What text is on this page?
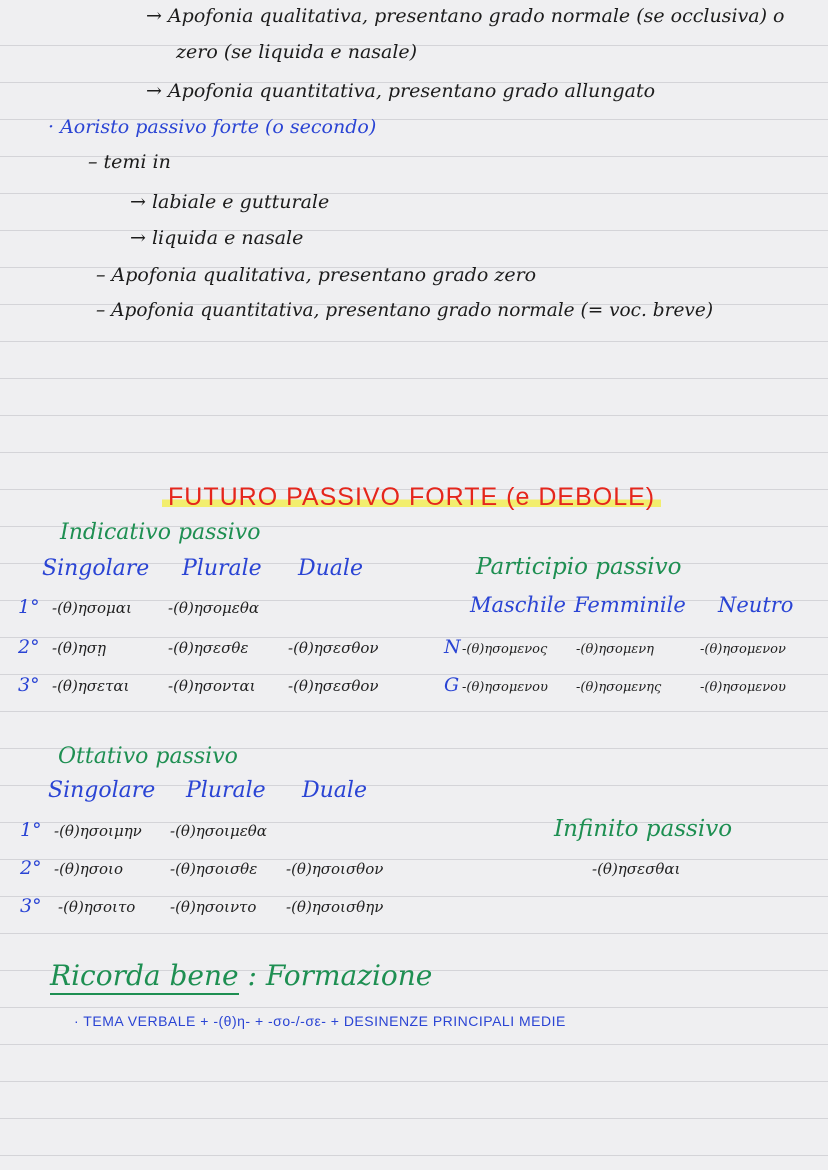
→ Apofonia qualitativa, presentano grado normale (se occlusiva) o
zero (se liquida e nasale)
→ Apofonia quantitativa, presentano grado allungato
· Aoristo passivo forte (o secondo)
– temi in
→ labiale e gutturale
→ liquida e nasale
– Apofonia qualitativa, presentano grado zero
– Apofonia quantitativa, presentano grado normale (= voc. breve)
FUTURO PASSIVO FORTE (e DEBOLE)
Indicativo passivo
Singolare Plurale Duale
1° -(θ)ησομαι -(θ)ησομεθα
2° -(θ)ησῃ	-(θ)ησεσθε	-(θ)ησεσθον
3° -(θ)ησεται	-(θ)ησονται -(θ)ησεσθον
Participio passivo
Maschile Femminile Neutro
N -(θ)ησομενος -(θ)ησομενη	-(θ)ησομενον
G -(θ)ησομενου -(θ)ησομενης	-(θ)ησομενου
Ottativo passivo
Singolare Plurale Duale
1° -(θ)ησοιμην -(θ)ησοιμεθα
2° -(θ)ησοιο	-(θ)ησοισθε -(θ)ησοισθον
3° -(θ)ησοιτο -(θ)ησοιντο -(θ)ησοισθην
Infinito passivo
-(θ)ησεσθαι
Ricorda bene : Formazione
· TEMA VERBALE + -(θ)η- + -σο-/-σε- + DESINENZE PRINCIPALI MEDIE
